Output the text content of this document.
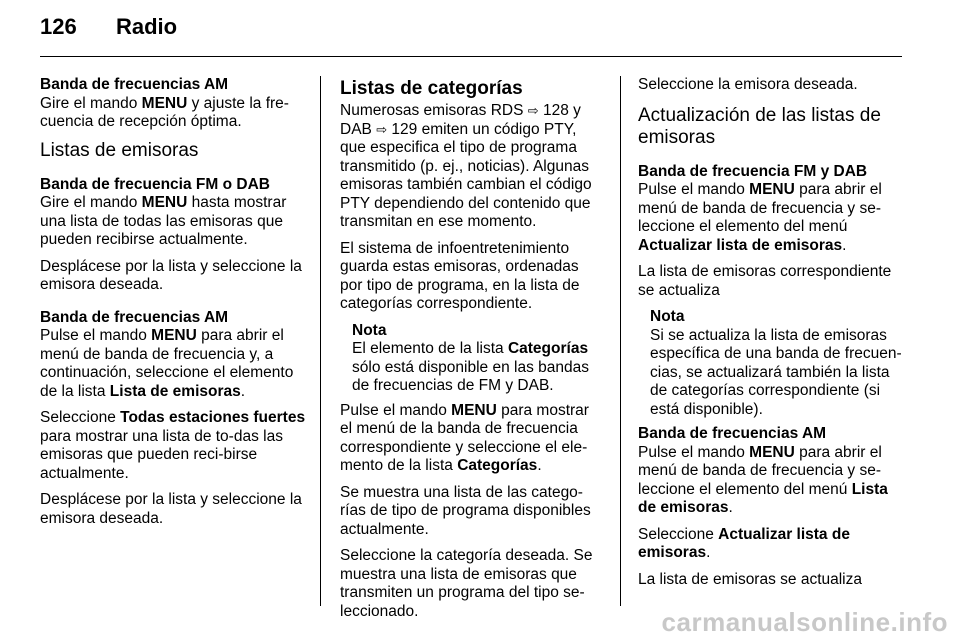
126 Radio

Banda de frecuencias AM
Gire el mando MENU y ajuste la fre-cuencia de recepción óptima.

Listas de emisoras

Banda de frecuencia FM o DAB
Gire el mando MENU hasta mostrar una lista de todas las emisoras que pueden recibirse actualmente.

Desplácese por la lista y seleccione la emisora deseada.

Banda de frecuencias AM
Pulse el mando MENU para abrir el menú de banda de frecuencia y, a continuación, seleccione el elemento de la lista Lista de emisoras.

Seleccione Todas estaciones fuertes para mostrar una lista de to-das las emisoras que pueden reci-birse actualmente.

Desplácese por la lista y seleccione la emisora deseada.

Listas de categorías

Numerosas emisoras RDS ⇨ 128 y DAB ⇨ 129 emiten un código PTY, que especifica el tipo de programa transmitido (p. ej., noticias). Algunas emisoras también cambian el código PTY dependiendo del contenido que transmitan en ese momento.

El sistema de infoentretenimiento guarda estas emisoras, ordenadas por tipo de programa, en la lista de categorías correspondiente.

Nota
El elemento de la lista Categorías sólo está disponible en las bandas de frecuencias de FM y DAB.

Pulse el mando MENU para mostrar el menú de la banda de frecuencia correspondiente y seleccione el ele-mento de la lista Categorías.

Se muestra una lista de las catego-rías de tipo de programa disponibles actualmente.

Seleccione la categoría deseada. Se muestra una lista de emisoras que transmiten un programa del tipo se-leccionado.

Seleccione la emisora deseada.

Actualización de las listas de emisoras

Banda de frecuencia FM y DAB
Pulse el mando MENU para abrir el menú de banda de frecuencia y se-leccione el elemento del menú Actualizar lista de emisoras.

La lista de emisoras correspondiente se actualiza

Nota
Si se actualiza la lista de emisoras específica de una banda de frecuen-cias, se actualizará también la lista de categorías correspondiente (si está disponible).

Banda de frecuencias AM
Pulse el mando MENU para abrir el menú de banda de frecuencia y se-leccione el elemento del menú Lista de emisoras.

Seleccione Actualizar lista de emisoras.

La lista de emisoras se actualiza

carmanualsonline.info
